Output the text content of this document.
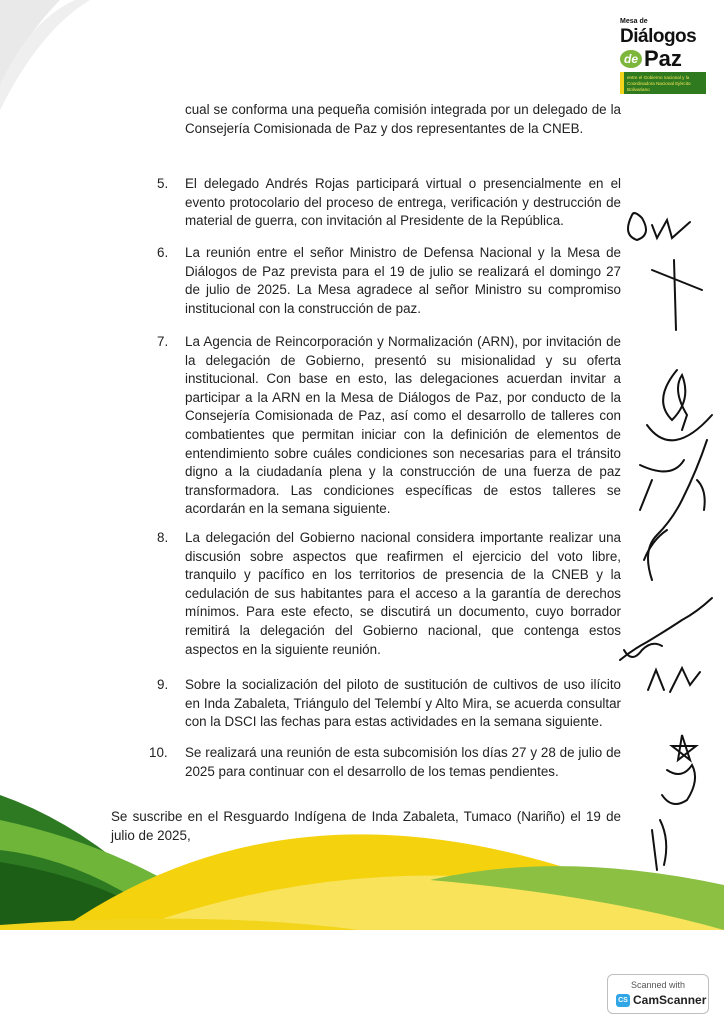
Mesa de
Diálogos
de Paz
entre el Gobierno nacional y la Coordinadora Nacional Ejército Bolivariano
cual se conforma una pequeña comisión integrada por un delegado de la Consejería Comisionada de Paz y dos representantes de la CNEB.
5. El delegado Andrés Rojas participará virtual o presencialmente en el evento protocolario del proceso de entrega, verificación y destrucción de material de guerra, con invitación al Presidente de la República.
6. La reunión entre el señor Ministro de Defensa Nacional y la Mesa de Diálogos de Paz prevista para el 19 de julio se realizará el domingo 27 de julio de 2025. La Mesa agradece al señor Ministro su compromiso institucional con la construcción de paz.
7. La Agencia de Reincorporación y Normalización (ARN), por invitación de la delegación de Gobierno, presentó su misionalidad y su oferta institucional. Con base en esto, las delegaciones acuerdan invitar a participar a la ARN en la Mesa de Diálogos de Paz, por conducto de la Consejería Comisionada de Paz, así como el desarrollo de talleres con combatientes que permitan iniciar con la definición de elementos de entendimiento sobre cuáles condiciones son necesarias para el tránsito digno a la ciudadanía plena y la construcción de una fuerza de paz transformadora. Las condiciones específicas de estos talleres se acordarán en la semana siguiente.
8. La delegación del Gobierno nacional considera importante realizar una discusión sobre aspectos que reafirmen el ejercicio del voto libre, tranquilo y pacífico en los territorios de presencia de la CNEB y la cedulación de sus habitantes para el acceso a la garantía de derechos mínimos. Para este efecto, se discutirá un documento, cuyo borrador remitirá la delegación del Gobierno nacional, que contenga estos aspectos en la siguiente reunión.
9. Sobre la socialización del piloto de sustitución de cultivos de uso ilícito en Inda Zabaleta, Triángulo del Telembí y Alto Mira, se acuerda consultar con la DSCI las fechas para estas actividades en la semana siguiente.
10. Se realizará una reunión de esta subcomisión los días 27 y 28 de julio de 2025 para continuar con el desarrollo de los temas pendientes.
Se suscribe en el Resguardo Indígena de Inda Zabaleta, Tumaco (Nariño) el 19 de julio de 2025,
Scanned with
CS CamScanner
